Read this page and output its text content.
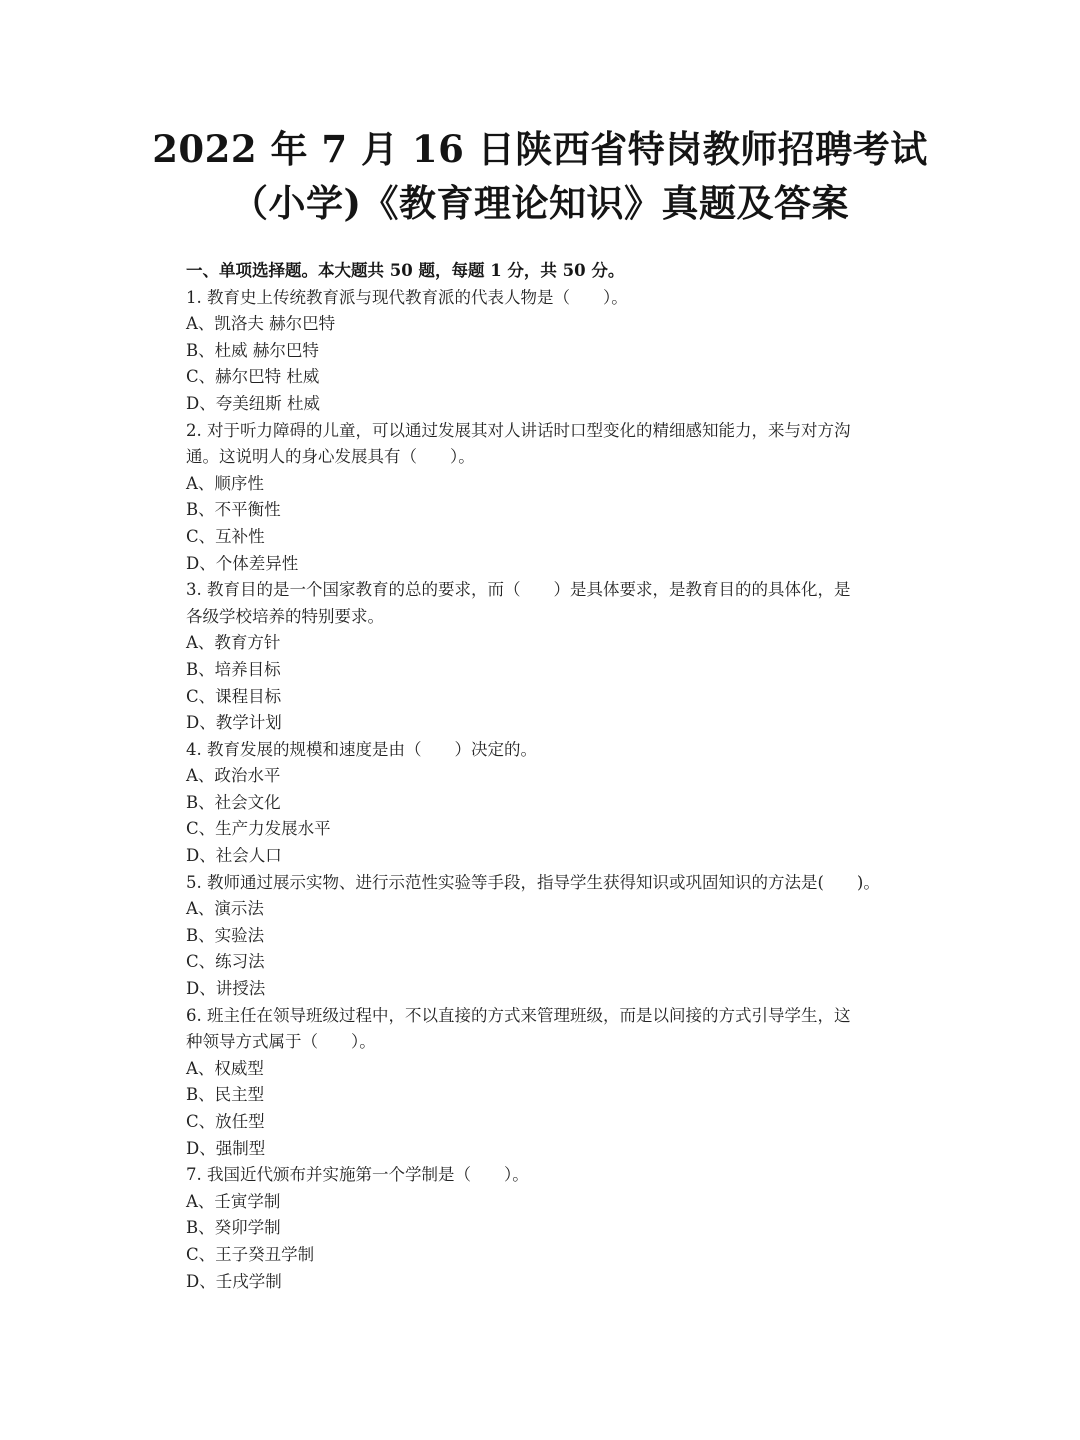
2022 年 7 月 16 日陕西省特岗教师招聘考试
（小学)《教育理论知识》真题及答案
一、单项选择题。本大题共 50 题，每题 1 分，共 50 分。
1. 教育史上传统教育派与现代教育派的代表人物是（　　）。
A、凯洛夫 赫尔巴特
B、杜威 赫尔巴特
C、赫尔巴特 杜威
D、夸美纽斯 杜威
2. 对于听力障碍的儿童，可以通过发展其对人讲话时口型变化的精细感知能力，来与对方沟
通。这说明人的身心发展具有（　　）。
A、顺序性
B、不平衡性
C、互补性
D、个体差异性
3. 教育目的是一个国家教育的总的要求，而（　　）是具体要求，是教育目的的具体化，是
各级学校培养的特别要求。
A、教育方针
B、培养目标
C、课程目标
D、教学计划
4. 教育发展的规模和速度是由（　　）决定的。
A、政治水平
B、社会文化
C、生产力发展水平
D、社会人口
5. 教师通过展示实物、进行示范性实验等手段，指导学生获得知识或巩固知识的方法是(　　)。
A、演示法
B、实验法
C、练习法
D、讲授法
6. 班主任在领导班级过程中，不以直接的方式来管理班级，而是以间接的方式引导学生，这
种领导方式属于（　　）。
A、权威型
B、民主型
C、放任型
D、强制型
7. 我国近代颁布并实施第一个学制是（　　）。
A、壬寅学制
B、癸卯学制
C、王子癸丑学制
D、壬戌学制
